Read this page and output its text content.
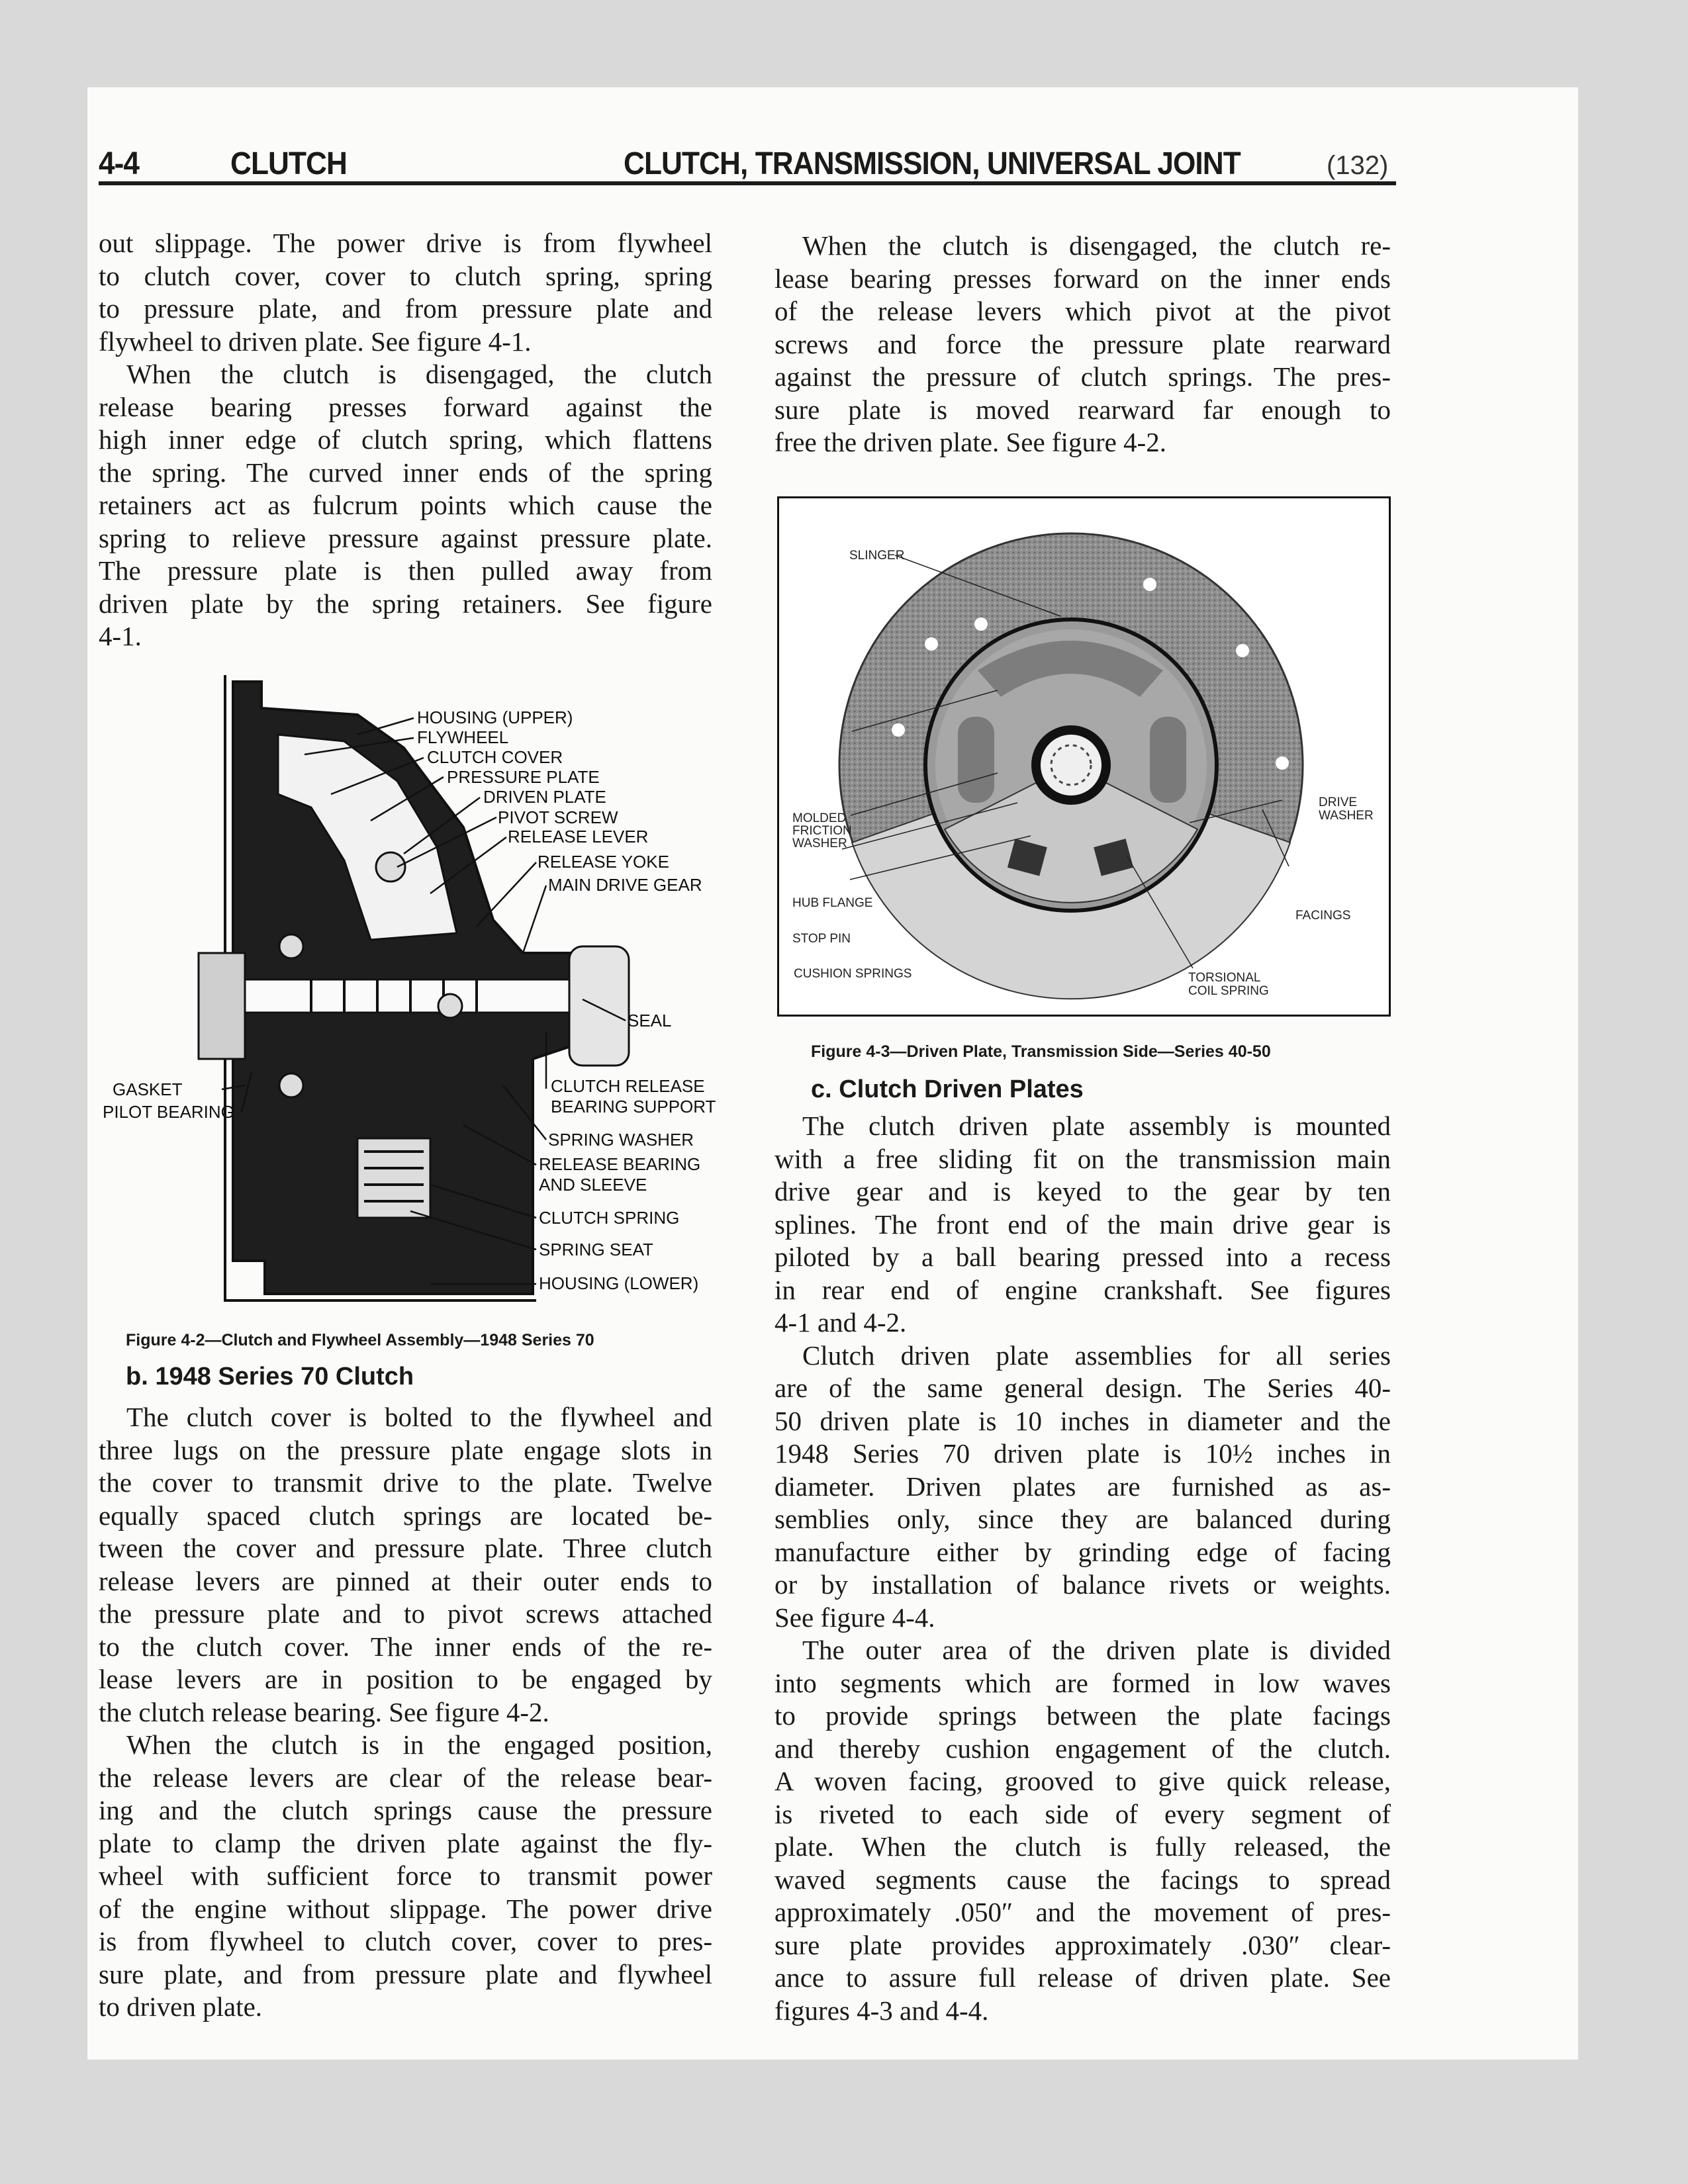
4-4	CLUTCH	CLUTCH, TRANSMISSION, UNIVERSAL JOINT	(132)
out slippage. The power drive is from flywheel
to clutch cover, cover to clutch spring, spring
to pressure plate, and from pressure plate and
flywheel to driven plate. See figure 4-1.
When the clutch is disengaged, the clutch
release bearing presses forward against the
high inner edge of clutch spring, which flattens
the spring. The curved inner ends of the spring
retainers act as fulcrum points which cause the
spring to relieve pressure against pressure plate.
The pressure plate is then pulled away from
driven plate by the spring retainers. See figure
4-1.
HOUSING (UPPER)
FLYWHEEL
CLUTCH COVER
PRESSURE PLATE
DRIVEN PLATE
PIVOT SCREW
RELEASE LEVER
RELEASE YOKE
MAIN DRIVE GEAR
SEAL
CLUTCH RELEASE
BEARING SUPPORT
SPRING WASHER
RELEASE BEARING
AND SLEEVE
CLUTCH SPRING
SPRING SEAT
HOUSING (LOWER)
GASKET
PILOT BEARING
Figure 4-2—Clutch and Flywheel Assembly—1948 Series 70
b. 1948 Series 70 Clutch
The clutch cover is bolted to the flywheel and
three lugs on the pressure plate engage slots in
the cover to transmit drive to the plate. Twelve
equally spaced clutch springs are located be-
tween the cover and pressure plate. Three clutch
release levers are pinned at their outer ends to
the pressure plate and to pivot screws attached
to the clutch cover. The inner ends of the re-
lease levers are in position to be engaged by
the clutch release bearing. See figure 4-2.
When the clutch is in the engaged position,
the release levers are clear of the release bear-
ing and the clutch springs cause the pressure
plate to clamp the driven plate against the fly-
wheel with sufficient force to transmit power
of the engine without slippage. The power drive
is from flywheel to clutch cover, cover to pres-
sure plate, and from pressure plate and flywheel
to driven plate.
When the clutch is disengaged, the clutch re-
lease bearing presses forward on the inner ends
of the release levers which pivot at the pivot
screws and force the pressure plate rearward
against the pressure of clutch springs. The pres-
sure plate is moved rearward far enough to
free the driven plate. See figure 4-2.
SLINGER
MOLDED
FRICTION
WASHER
HUB FLANGE
STOP PIN
CUSHION SPRINGS	TORSIONAL
COIL SPRING
DRIVE
WASHER
FACINGS
Figure 4-3—Driven Plate, Transmission Side—Series 40-50
c. Clutch Driven Plates
The clutch driven plate assembly is mounted
with a free sliding fit on the transmission main
drive gear and is keyed to the gear by ten
splines. The front end of the main drive gear is
piloted by a ball bearing pressed into a recess
in rear end of engine crankshaft. See figures
4-1 and 4-2.
Clutch driven plate assemblies for all series
are of the same general design. The Series 40-
50 driven plate is 10 inches in diameter and the
1948 Series 70 driven plate is 10½ inches in
diameter. Driven plates are furnished as as-
semblies only, since they are balanced during
manufacture either by grinding edge of facing
or by installation of balance rivets or weights.
See figure 4-4.
The outer area of the driven plate is divided
into segments which are formed in low waves
to provide springs between the plate facings
and thereby cushion engagement of the clutch.
A woven facing, grooved to give quick release,
is riveted to each side of every segment of
plate. When the clutch is fully released, the
waved segments cause the facings to spread
approximately .050″ and the movement of pres-
sure plate provides approximately .030″ clear-
ance to assure full release of driven plate. See
figures 4-3 and 4-4.
